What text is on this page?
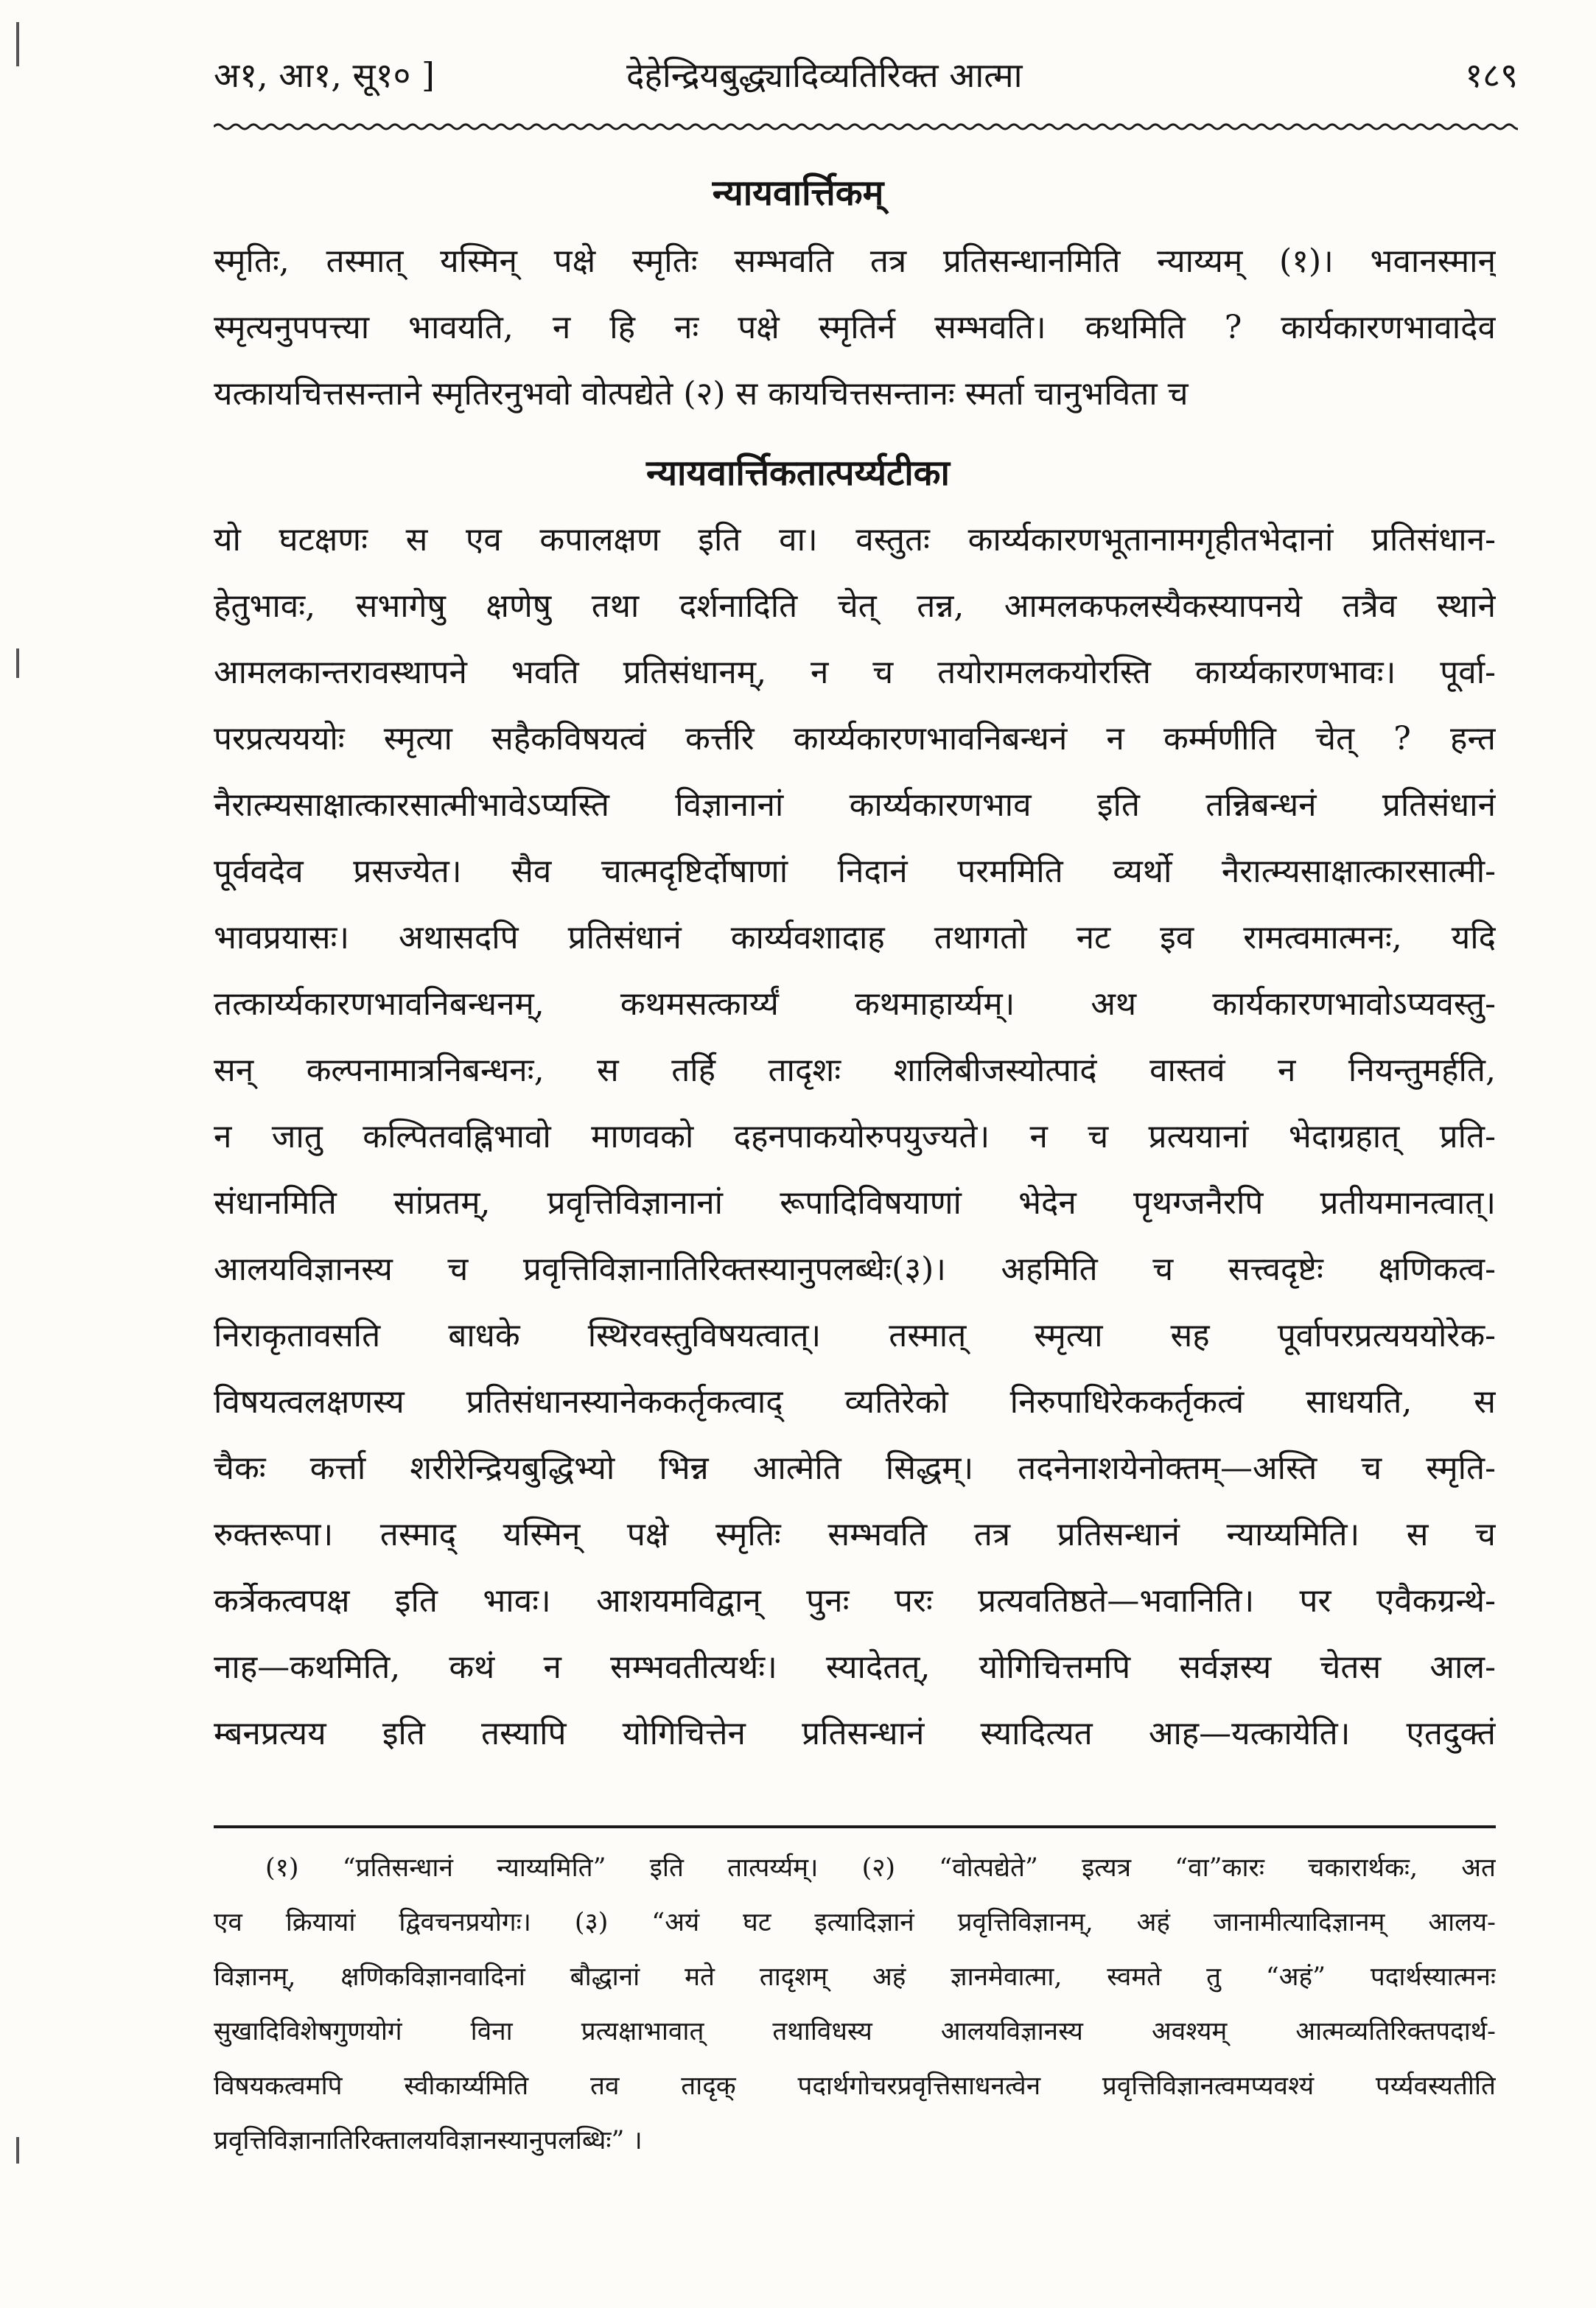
अ१, आ१, सू१० ]	देहेन्द्रियबुद्ध्यादिव्यतिरिक्त आत्मा	१८९
न्यायवार्त्तिकम्
स्मृतिः, तस्मात् यस्मिन् पक्षे स्मृतिः सम्भवति तत्र प्रतिसन्धानमिति न्याय्यम् (१)। भवानस्मान्
स्मृत्यनुपपत्त्या भावयति, न हि नः पक्षे स्मृतिर्न सम्भवति। कथमिति ? कार्यकारणभावादेव
यत्कायचित्तसन्ताने स्मृतिरनुभवो वोत्पद्येते (२) स कायचित्तसन्तानः स्मर्ता चानुभविता च
न्यायवार्त्तिकतात्पर्य्यटीका
यो घटक्षणः स एव कपालक्षण इति वा। वस्तुतः कार्य्यकारणभूतानामगृहीतभेदानां प्रतिसंधान-
हेतुभावः, सभागेषु क्षणेषु तथा दर्शनादिति चेत् तन्न, आमलकफलस्यैकस्यापनये तत्रैव स्थाने
आमलकान्तरावस्थापने भवति प्रतिसंधानम्, न च तयोरामलकयोरस्ति कार्य्यकारणभावः। पूर्वा-
परप्रत्यययोः स्मृत्या सहैकविषयत्वं कर्त्तरि कार्य्यकारणभावनिबन्धनं न कर्म्मणीति चेत् ? हन्त
नैरात्म्यसाक्षात्कारसात्मीभावेऽप्यस्ति विज्ञानानां कार्य्यकारणभाव इति तन्निबन्धनं प्रतिसंधानं
पूर्ववदेव प्रसज्येत। सैव चात्मदृष्टिर्दोषाणां निदानं परममिति व्यर्थो नैरात्म्यसाक्षात्कारसात्मी-
भावप्रयासः। अथासदपि प्रतिसंधानं कार्य्यवशादाह तथागतो नट इव रामत्वमात्मनः, यदि
तत्कार्य्यकारणभावनिबन्धनम्, कथमसत्कार्य्यं कथमाहार्य्यम्। अथ कार्यकारणभावोऽप्यवस्तु-
सन् कल्पनामात्रनिबन्धनः, स तर्हि तादृशः शालिबीजस्योत्पादं वास्तवं न नियन्तुमर्हति,
न जातु कल्पितवह्निभावो माणवको दहनपाकयोरुपयुज्यते। न च प्रत्ययानां भेदाग्रहात् प्रति-
संधानमिति सांप्रतम्, प्रवृत्तिविज्ञानानां रूपादिविषयाणां भेदेन पृथग्जनैरपि प्रतीयमानत्वात्।
आलयविज्ञानस्य च प्रवृत्तिविज्ञानातिरिक्तस्यानुपलब्धेः(३)। अहमिति च सत्त्वदृष्टेः क्षणिकत्व-
निराकृतावसति बाधके स्थिरवस्तुविषयत्वात्। तस्मात् स्मृत्या सह पूर्वापरप्रत्यययोरेक-
विषयत्वलक्षणस्य प्रतिसंधानस्यानेककर्तृकत्वाद् व्यतिरेको निरुपाधिरेककर्तृकत्वं साधयति, स
चैकः कर्त्ता शरीरेन्द्रियबुद्धिभ्यो भिन्न आत्मेति सिद्धम्। तदनेनाशयेनोक्तम्—अस्ति च स्मृति-
रुक्तरूपा। तस्माद् यस्मिन् पक्षे स्मृतिः सम्भवति तत्र प्रतिसन्धानं न्याय्यमिति। स च
कर्त्रेकत्वपक्ष इति भावः। आशयमविद्वान् पुनः परः प्रत्यवतिष्ठते—भवानिति। पर एवैकग्रन्थे-
नाह—कथमिति, कथं न सम्भवतीत्यर्थः। स्यादेतत्, योगिचित्तमपि सर्वज्ञस्य चेतस आल-
म्बनप्रत्यय इति तस्यापि योगिचित्तेन प्रतिसन्धानं स्यादित्यत आह—यत्कायेति। एतदुक्तं
(१) “प्रतिसन्धानं न्याय्यमिति” इति तात्पर्य्यम्। (२) “वोत्पद्येते” इत्यत्र “वा”कारः चकारार्थकः, अत
एव क्रियायां द्विवचनप्रयोगः। (३) “अयं घट इत्यादिज्ञानं प्रवृत्तिविज्ञानम्, अहं जानामीत्यादिज्ञानम् आलय-
विज्ञानम्, क्षणिकविज्ञानवादिनां बौद्धानां मते तादृशम् अहं ज्ञानमेवात्मा, स्वमते तु “अहं” पदार्थस्यात्मनः
सुखादिविशेषगुणयोगं विना प्रत्यक्षाभावात् तथाविधस्य आलयविज्ञानस्य अवश्यम् आत्मव्यतिरिक्तपदार्थ-
विषयकत्वमपि स्वीकार्य्यमिति तव तादृक् पदार्थगोचरप्रवृत्तिसाधनत्वेन प्रवृत्तिविज्ञानत्वमप्यवश्यं पर्य्यवस्यतीति
प्रवृत्तिविज्ञानातिरिक्तालयविज्ञानस्यानुपलब्धिः” ।
